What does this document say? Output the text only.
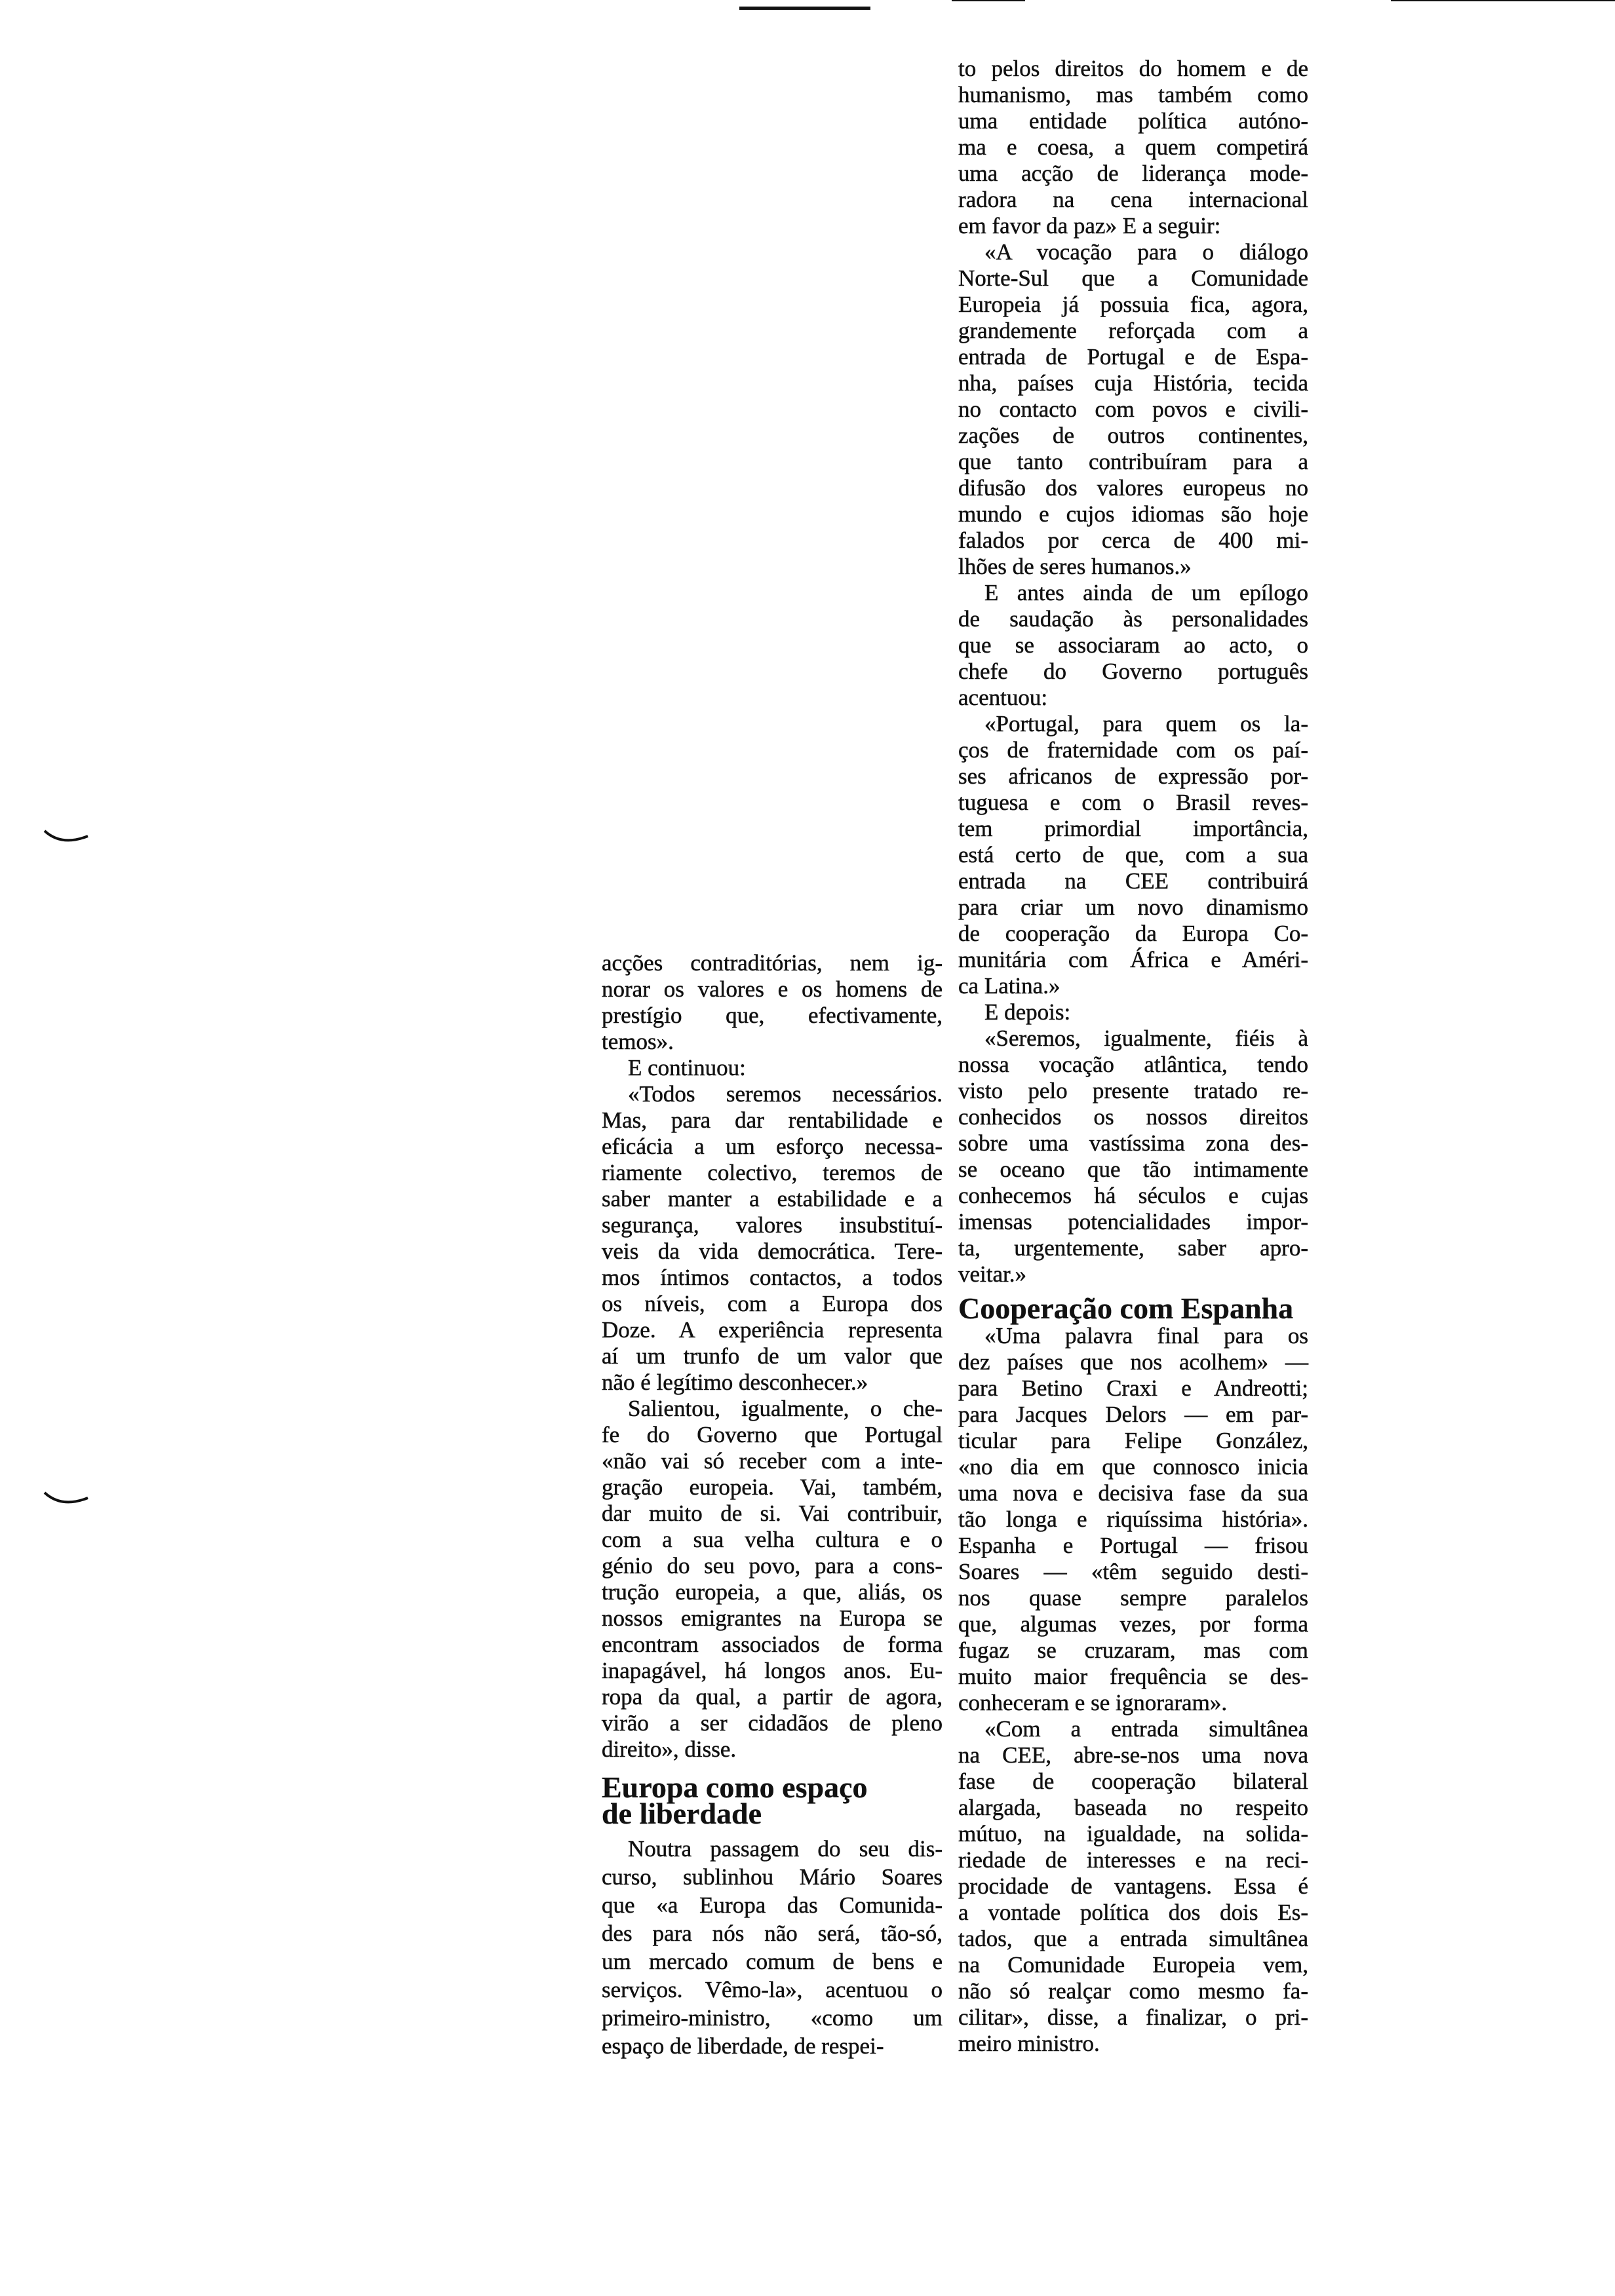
acções contraditórias, nem ig-
norar os valores e os homens de
prestígio que, efectivamente,
temos».
E continuou:
«Todos seremos necessários.
Mas, para dar rentabilidade e
eficácia a um esforço necessa-
riamente colectivo, teremos de
saber manter a estabilidade e a
segurança, valores insubstituí-
veis da vida democrática. Tere-
mos íntimos contactos, a todos
os níveis, com a Europa dos
Doze. A experiência representa
aí um trunfo de um valor que
não é legítimo desconhecer.»
Salientou, igualmente, o che-
fe do Governo que Portugal
«não vai só receber com a inte-
gração europeia. Vai, também,
dar muito de si. Vai contribuir,
com a sua velha cultura e o
génio do seu povo, para a cons-
trução europeia, a que, aliás, os
nossos emigrantes na Europa se
encontram associados de forma
inapagável, há longos anos. Eu-
ropa da qual, a partir de agora,
virão a ser cidadãos de pleno
direito», disse.
Europa como espaço
de liberdade
Noutra passagem do seu dis-
curso, sublinhou Mário Soares
que «a Europa das Comunida-
des para nós não será, tão-só,
um mercado comum de bens e
serviços. Vêmo-la», acentuou o
primeiro-ministro, «como um
espaço de liberdade, de respei-
to pelos direitos do homem e de
humanismo, mas também como
uma entidade política autóno-
ma e coesa, a quem competirá
uma acção de liderança mode-
radora na cena internacional
em favor da paz» E a seguir:
«A vocação para o diálogo
Norte-Sul que a Comunidade
Europeia já possuia fica, agora,
grandemente reforçada com a
entrada de Portugal e de Espa-
nha, países cuja História, tecida
no contacto com povos e civili-
zações de outros continentes,
que tanto contribuíram para a
difusão dos valores europeus no
mundo e cujos idiomas são hoje
falados por cerca de 400 mi-
lhões de seres humanos.»
E antes ainda de um epílogo
de saudação às personalidades
que se associaram ao acto, o
chefe do Governo português
acentuou:
«Portugal, para quem os la-
ços de fraternidade com os paí-
ses africanos de expressão por-
tuguesa e com o Brasil reves-
tem primordial importância,
está certo de que, com a sua
entrada na CEE contribuirá
para criar um novo dinamismo
de cooperação da Europa Co-
munitária com África e Améri-
ca Latina.»
E depois:
«Seremos, igualmente, fiéis à
nossa vocação atlântica, tendo
visto pelo presente tratado re-
conhecidos os nossos direitos
sobre uma vastíssima zona des-
se oceano que tão intimamente
conhecemos há séculos e cujas
imensas potencialidades impor-
ta, urgentemente, saber apro-
veitar.»
Cooperação com Espanha
«Uma palavra final para os
dez países que nos acolhem» —
para Betino Craxi e Andreotti;
para Jacques Delors — em par-
ticular para Felipe González,
«no dia em que connosco inicia
uma nova e decisiva fase da sua
tão longa e riquíssima história».
Espanha e Portugal — frisou
Soares — «têm seguido desti-
nos quase sempre paralelos
que, algumas vezes, por forma
fugaz se cruzaram, mas com
muito maior frequência se des-
conheceram e se ignoraram».
«Com a entrada simultânea
na CEE, abre-se-nos uma nova
fase de cooperação bilateral
alargada, baseada no respeito
mútuo, na igualdade, na solida-
riedade de interesses e na reci-
procidade de vantagens. Essa é
a vontade política dos dois Es-
tados, que a entrada simultânea
na Comunidade Europeia vem,
não só realçar como mesmo fa-
cilitar», disse, a finalizar, o pri-
meiro ministro.
